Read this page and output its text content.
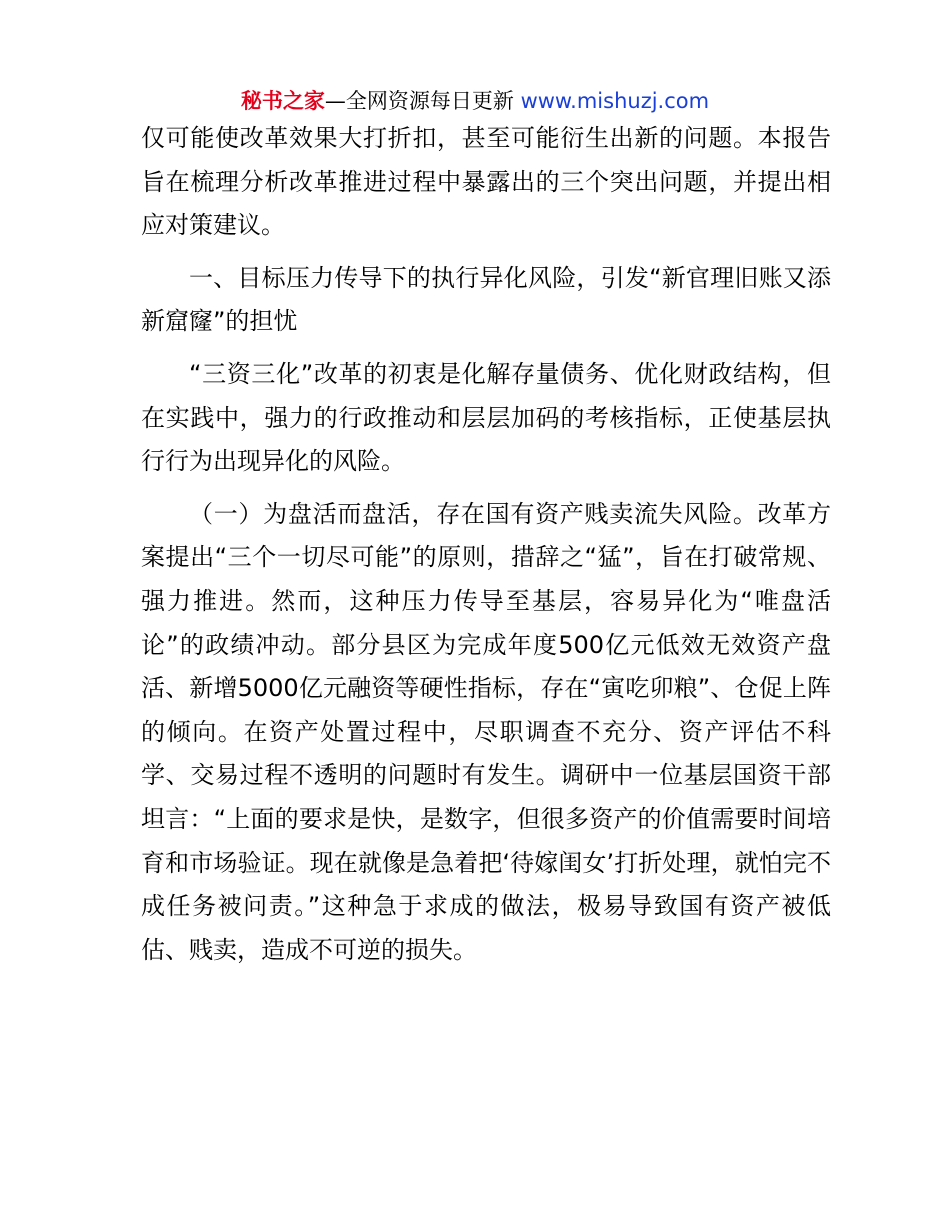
秘书之家—全网资源每日更新 www.mishuzj.com

仅可能使改革效果大打折扣，甚至可能衍生出新的问题。本报告旨在梳理分析改革推进过程中暴露出的三个突出问题，并提出相应对策建议。

一、目标压力传导下的执行异化风险，引发“新官理旧账又添新窟窿”的担忧

“三资三化”改革的初衷是化解存量债务、优化财政结构，但在实践中，强力的行政推动和层层加码的考核指标，正使基层执行行为出现异化的风险。

（一）为盘活而盘活，存在国有资产贱卖流失风险。改革方案提出“三个一切尽可能”的原则，措辞之“猛”，旨在打破常规、强力推进。然而，这种压力传导至基层，容易异化为“唯盘活论”的政绩冲动。部分县区为完成年度500亿元低效无效资产盘活、新增5000亿元融资等硬性指标，存在“寅吃卯粮”、仓促上阵的倾向。在资产处置过程中，尽职调查不充分、资产评估不科学、交易过程不透明的问题时有发生。调研中一位基层国资干部坦言：“上面的要求是快，是数字，但很多资产的价值需要时间培育和市场验证。现在就像是急着把‘待嫁闺女’打折处理，就怕完不成任务被问责。”这种急于求成的做法，极易导致国有资产被低估、贱卖，造成不可逆的损失。
